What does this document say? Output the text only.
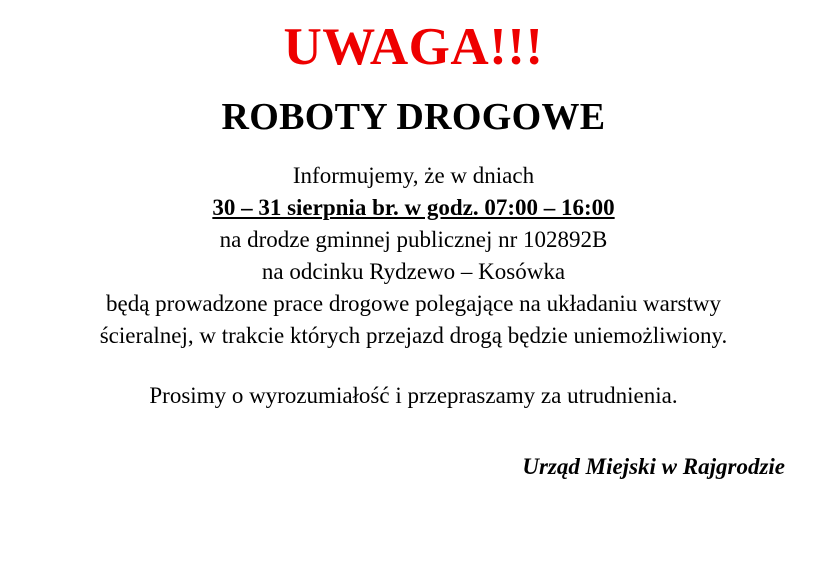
UWAGA!!!
ROBOTY DROGOWE

Informujemy, że w dniach

30 – 31 sierpnia br. w godz. 07:00 – 16:00

na drodze gminnej publicznej nr 102892B

na odcinku Rydzewo – Kosówka

będą prowadzone prace drogowe polegające na układaniu warstwy

ścieralnej, w trakcie których przejazd drogą będzie uniemożliwiony.

Prosimy o wyrozumiałość i przepraszamy za utrudnienia.

Urząd Miejski w Rajgrodzie
